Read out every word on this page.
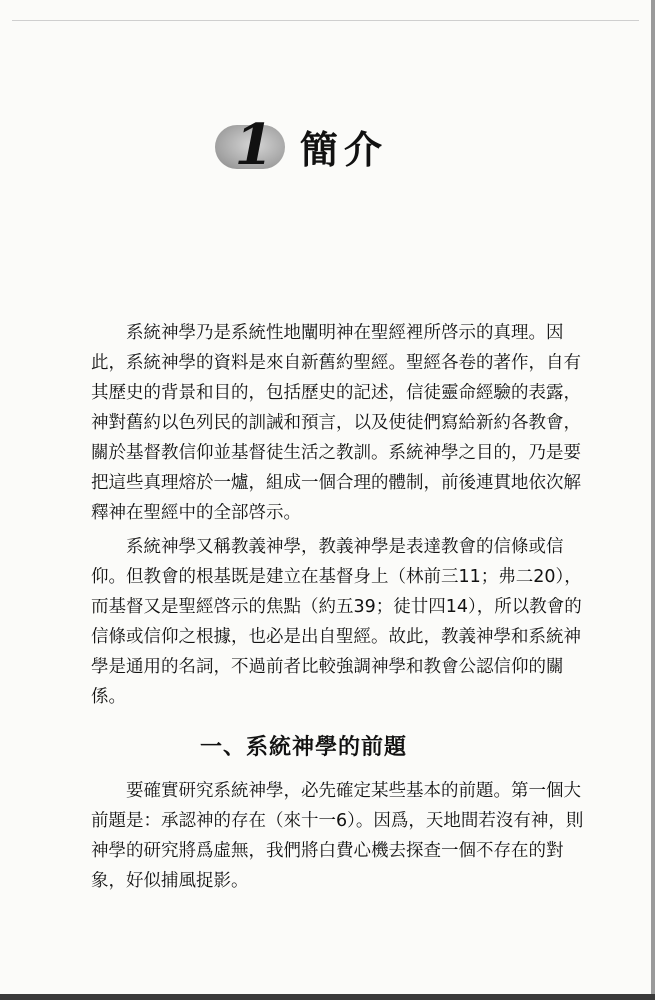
1 簡介
系統神學乃是系統性地闡明神在聖經裡所啓示的真理。因
此，系統神學的資料是來自新舊約聖經。聖經各卷的著作，自有
其歷史的背景和目的，包括歷史的記述，信徒靈命經驗的表露，
神對舊約以色列民的訓誡和預言，以及使徒們寫給新約各教會，
關於基督教信仰並基督徒生活之教訓。系統神學之目的，乃是要
把這些真理熔於一爐，組成一個合理的體制，前後連貫地依次解
釋神在聖經中的全部啓示。
系統神學又稱教義神學，教義神學是表達教會的信條或信
仰。但教會的根基既是建立在基督身上（林前三11；弗二20），
而基督又是聖經啓示的焦點（約五39；徒廿四14），所以教會的
信條或信仰之根據，也必是出自聖經。故此，教義神學和系統神
學是通用的名詞，不過前者比較強調神學和教會公認信仰的關
係。
一、系統神學的前題
要確實研究系統神學，必先確定某些基本的前題。第一個大
前題是：承認神的存在（來十一6）。因爲，天地間若沒有神，則
神學的研究將爲虛無，我們將白費心機去探查一個不存在的對
象，好似捕風捉影。
